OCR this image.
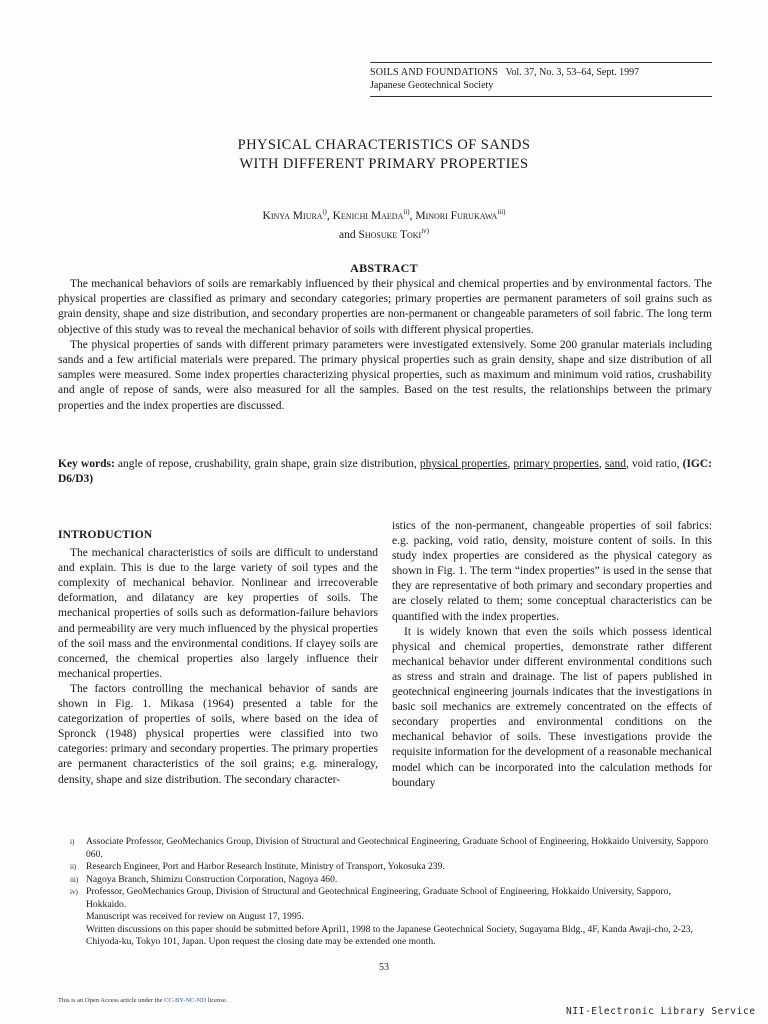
SOILS AND FOUNDATIONS Vol. 37, No. 3, 53–64, Sept. 1997
Japanese Geotechnical Society
PHYSICAL CHARACTERISTICS OF SANDS
WITH DIFFERENT PRIMARY PROPERTIES
Kinya Miura$^{i)}$, Kenichi Maeda$^{ii)}$, Minori Furukawa$^{iii)}$
and Shosuke Toki$^{iv)}$
ABSTRACT

The mechanical behaviors of soils are remarkably influenced by their physical and chemical properties and by environmental factors. The physical properties are classified as primary and secondary categories; primary properties are permanent parameters of soil grains such as grain density, shape and size distribution, and secondary properties are non-permanent or changeable parameters of soil fabric. The long term objective of this study was to reveal the mechanical behavior of soils with different physical properties.

The physical properties of sands with different primary parameters were investigated extensively. Some 200 granular materials including sands and a few artificial materials were prepared. The primary physical properties such as grain density, shape and size distribution of all samples were measured. Some index properties characterizing physical properties, such as maximum and minimum void ratios, crushability and angle of repose of sands, were also measured for all the samples. Based on the test results, the relationships between the primary properties and the index properties are discussed.

Key words: angle of repose, crushability, grain shape, grain size distribution, physical properties, primary properties, sand, void ratio, (IGC: D6/D3)
INTRODUCTION

The mechanical characteristics of soils are difficult to understand and explain. This is due to the large variety of soil types and the complexity of mechanical behavior. Nonlinear and irrecoverable deformation, and dilatancy are key properties of soils. The mechanical properties of soils such as deformation-failure behaviors and permeability are very much influenced by the physical properties of the soil mass and the environmental conditions. If clayey soils are concerned, the chemical properties also largely influence their mechanical properties.

The factors controlling the mechanical behavior of sands are shown in Fig. 1. Mikasa (1964) presented a table for the categorization of properties of soils, where based on the idea of Spronck (1948) physical properties were classified into two categories: primary and secondary properties. The primary properties are permanent characteristics of the soil grains; e.g. mineralogy, density, shape and size distribution. The secondary character-

istics of the non-permanent, changeable properties of soil fabrics: e.g. packing, void ratio, density, moisture content of soils. In this study index properties are considered as the physical category as shown in Fig. 1. The term “index properties” is used in the sense that they are representative of both primary and secondary properties and are closely related to them; some conceptual characteristics can be quantified with the index properties.

It is widely known that even the soils which possess identical physical and chemical properties, demonstrate rather different mechanical behavior under different environmental conditions such as stress and strain and drainage. The list of papers published in geotechnical engineering journals indicates that the investigations in basic soil mechanics are extremely concentrated on the effects of secondary properties and environmental conditions on the mechanical behavior of soils. These investigations provide the requisite information for the development of a reasonable mechanical model which can be incorporated into the calculation methods for boundary

i)	Associate Professor, GeoMechanics Group, Division of Structural and Geotechnical Engineering, Graduate School of Engineering, Hokkaido University, Sapporo 060.
ii)	Research Engineer, Port and Harbor Research Institute, Ministry of Transport, Yokosuka 239.
iii) Nagoya Branch, Shimizu Construction Corporation, Nagoya 460.
iv) Professor, GeoMechanics Group, Division of Structural and Geotechnical Engineering, Graduate School of Engineering, Hokkaido University, Sapporo, Hokkaido.
Manuscript was received for review on August 17, 1995.
Written discussions on this paper should be submitted before April1, 1998 to the Japanese Geotechnical Society, Sugayama Bldg., 4F, Kanda Awaji-cho, 2-23, Chiyoda-ku, Tokyo 101, Japan. Upon request the closing date may be extended one month.
53
This is an Open Access article under the CC-BY-NC-ND license.
NII-Electronic Library Service
